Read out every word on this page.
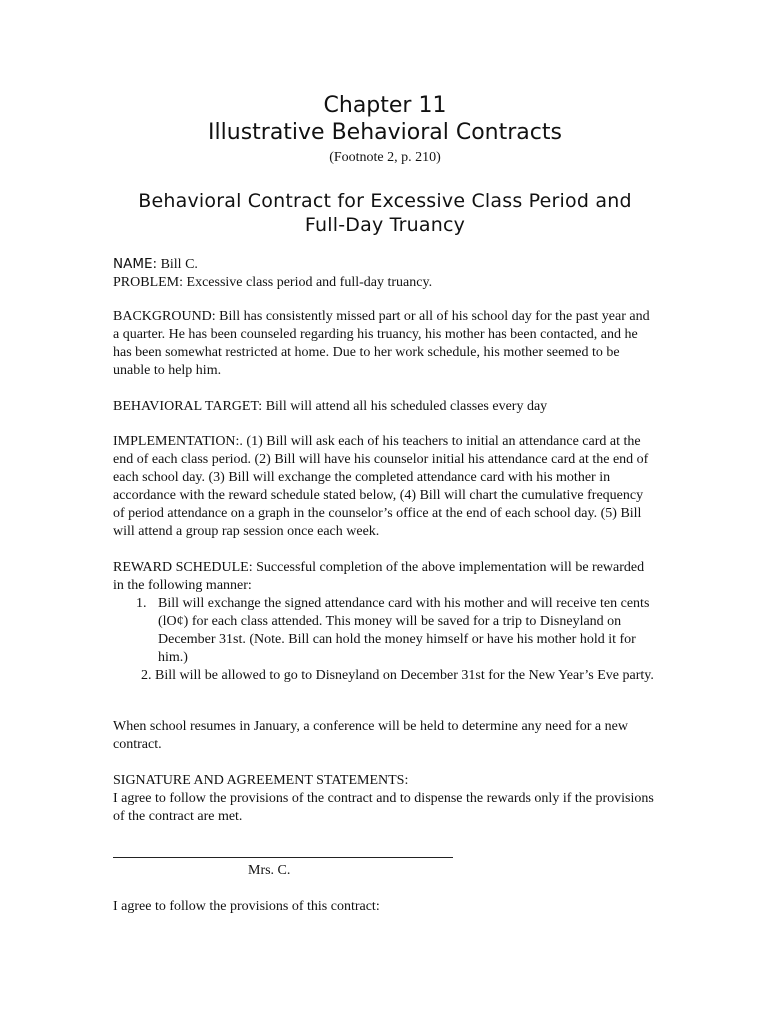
Chapter 11
Illustrative Behavioral Contracts
(Footnote 2, p. 210)
Behavioral Contract for Excessive Class Period and
Full-Day Truancy

NAME: Bill C.

PROBLEM: Excessive class period and full-day truancy.

BACKGROUND: Bill has consistently missed part or all of his school day for the past year and a quarter. He has been counseled regarding his truancy, his mother has been contacted, and he has been somewhat restricted at home. Due to her work schedule, his mother seemed to be unable to help him.

BEHAVIORAL TARGET: Bill will attend all his scheduled classes every day

IMPLEMENTATION:. (1) Bill will ask each of his teachers to initial an attendance card at the end of each class period. (2) Bill will have his counselor initial his attendance card at the end of each school day. (3) Bill will exchange the completed attendance card with his mother in accordance with the reward schedule stated below, (4) Bill will chart the cumulative frequency of period attendance on a graph in the counselor’s office at the end of each school day. (5) Bill will attend a group rap session once each week.

REWARD SCHEDULE: Successful completion of the above implementation will be rewarded in the following manner:

1. Bill will exchange the signed attendance card with his mother and will receive ten cents (lO¢) for each class attended. This money will be saved for a trip to Disneyland on December 31st. (Note. Bill can hold the money himself or have his mother hold it for him.)
2. Bill will be allowed to go to Disneyland on December 31st for the New Year’s Eve party.

When school resumes in January, a conference will be held to determine any need for a new contract.

SIGNATURE AND AGREEMENT STATEMENTS:

I agree to follow the provisions of the contract and to dispense the rewards only if the provisions of the contract are met.

Mrs. C.

I agree to follow the provisions of this contract:
